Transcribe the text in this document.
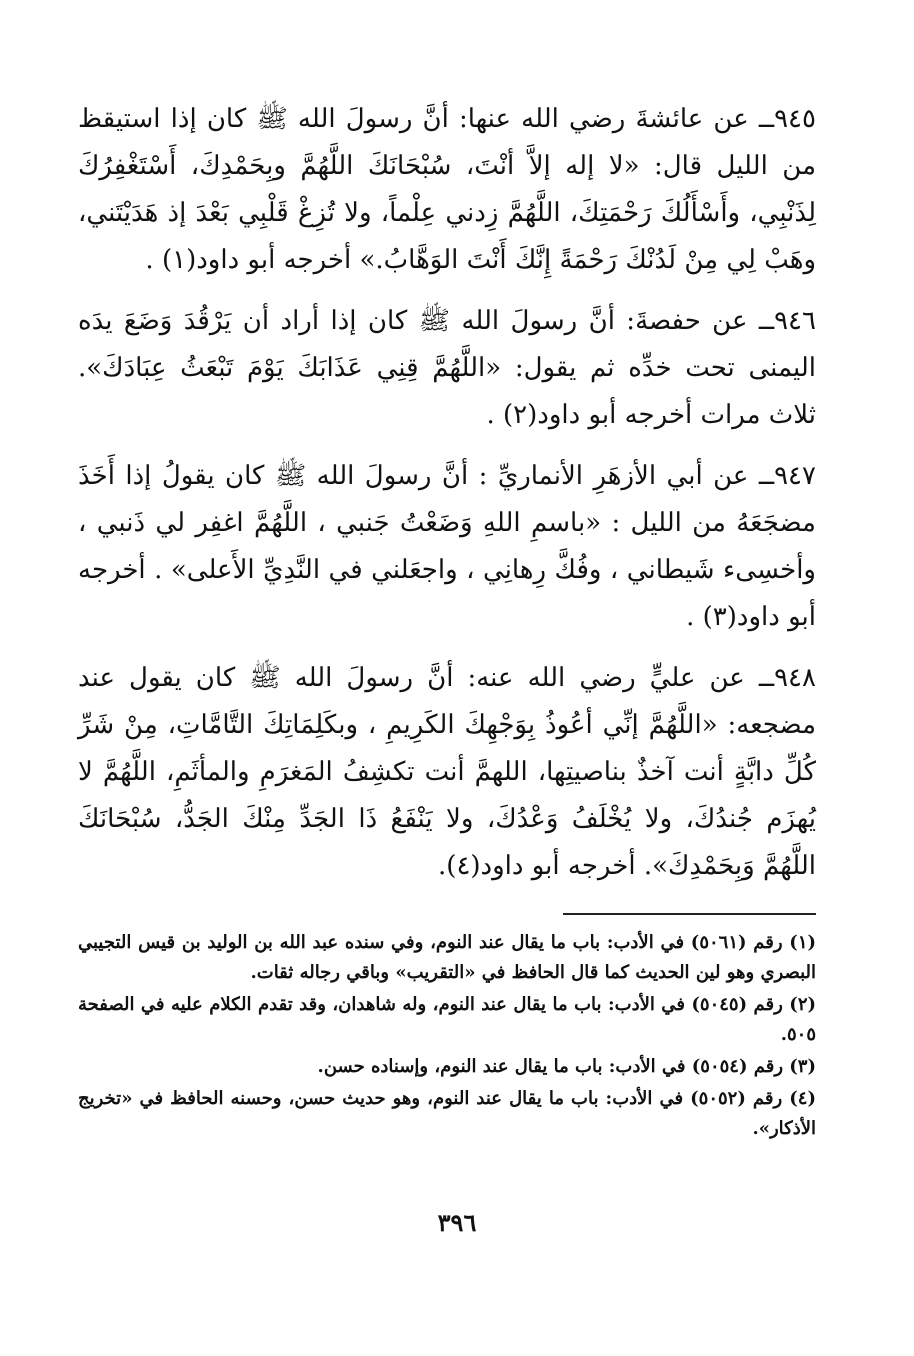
٩٤٥ــ عن عائشةَ رضي الله عنها: أنَّ رسولَ الله ﷺ كان إذا استيقظ من الليل قال: «لا إله إلاَّ أنْتَ، سُبْحَانَكَ اللَّهُمَّ وبِحَمْدِكَ، أَسْتَغْفِرُكَ لِذَنْبِي، وأَسْأَلُكَ رَحْمَتِكَ، اللَّهُمَّ زِدني عِلْماً، ولا تُزِغْ قَلْبِي بَعْدَ إذ هَدَيْتَني، وهَبْ لِي مِنْ لَدُنْكَ رَحْمَةً إِنَّكَ أَنْتَ الوَهَّابُ.» أخرجه أبو داود(١) .

٩٤٦ــ عن حفصةَ: أنَّ رسولَ الله ﷺ كان إذا أراد أن يَرْقُدَ وَضَعَ يدَه اليمنى تحت خدِّه ثم يقول: «اللَّهُمَّ قِنِي عَذَابَكَ يَوْمَ تَبْعَثُ عِبَادَكَ». ثلاث مرات أخرجه أبو داود(٢) .

٩٤٧ــ عن أبي الأزهَرِ الأنماريِّ : أنَّ رسولَ الله ﷺ كان يقولُ إذا أَخَذَ مضجَعَهُ من الليل : «باسمِ اللهِ وَضَعْتُ جَنبي ، اللَّهُمَّ اغفِر لي ذَنبي ، وأخسِىء شَيطاني ، وفُكَّ رِهانِي ، واجعَلني في النَّدِيِّ الأَعلى» . أخرجه أبو داود(٣) .

٩٤٨ــ عن عليٍّ رضي الله عنه: أنَّ رسولَ الله ﷺ كان يقول عند مضجعه: «اللَّهُمَّ إنِّي أعُوذُ بِوَجْهِكَ الكَرِيمِ ، وبكَلِمَاتِكَ التَّامَّاتِ، مِنْ شَرِّ كُلِّ دابَّةٍ أنت آخذٌ بناصيتِها، اللهمَّ أنت تكشِفُ المَغرَمِ والمأثَمِ، اللَّهُمَّ لا يُهزَم جُندُكَ، ولا يُخْلَفُ وَعْدُكَ، ولا يَنْفَعُ ذَا الجَدِّ مِنْكَ الجَدُّ، سُبْحَانَكَ اللَّهُمَّ وَبِحَمْدِكَ». أخرجه أبو داود(٤).

(١) رقم (٥٠٦١) في الأدب: باب ما يقال عند النوم، وفي سنده عبد الله بن الوليد بن قيس التجيبي البصري وهو لين الحديث كما قال الحافظ في «التقريب» وباقي رجاله ثقات.

(٢) رقم (٥٠٤٥) في الأدب: باب ما يقال عند النوم، وله شاهدان، وقد تقدم الكلام عليه في الصفحة ٥٠٥.

(٣) رقم (٥٠٥٤) في الأدب: باب ما يقال عند النوم، وإسناده حسن.

(٤) رقم (٥٠٥٢) في الأدب: باب ما يقال عند النوم، وهو حديث حسن، وحسنه الحافظ في «تخريج الأذكار».

٣٩٦
